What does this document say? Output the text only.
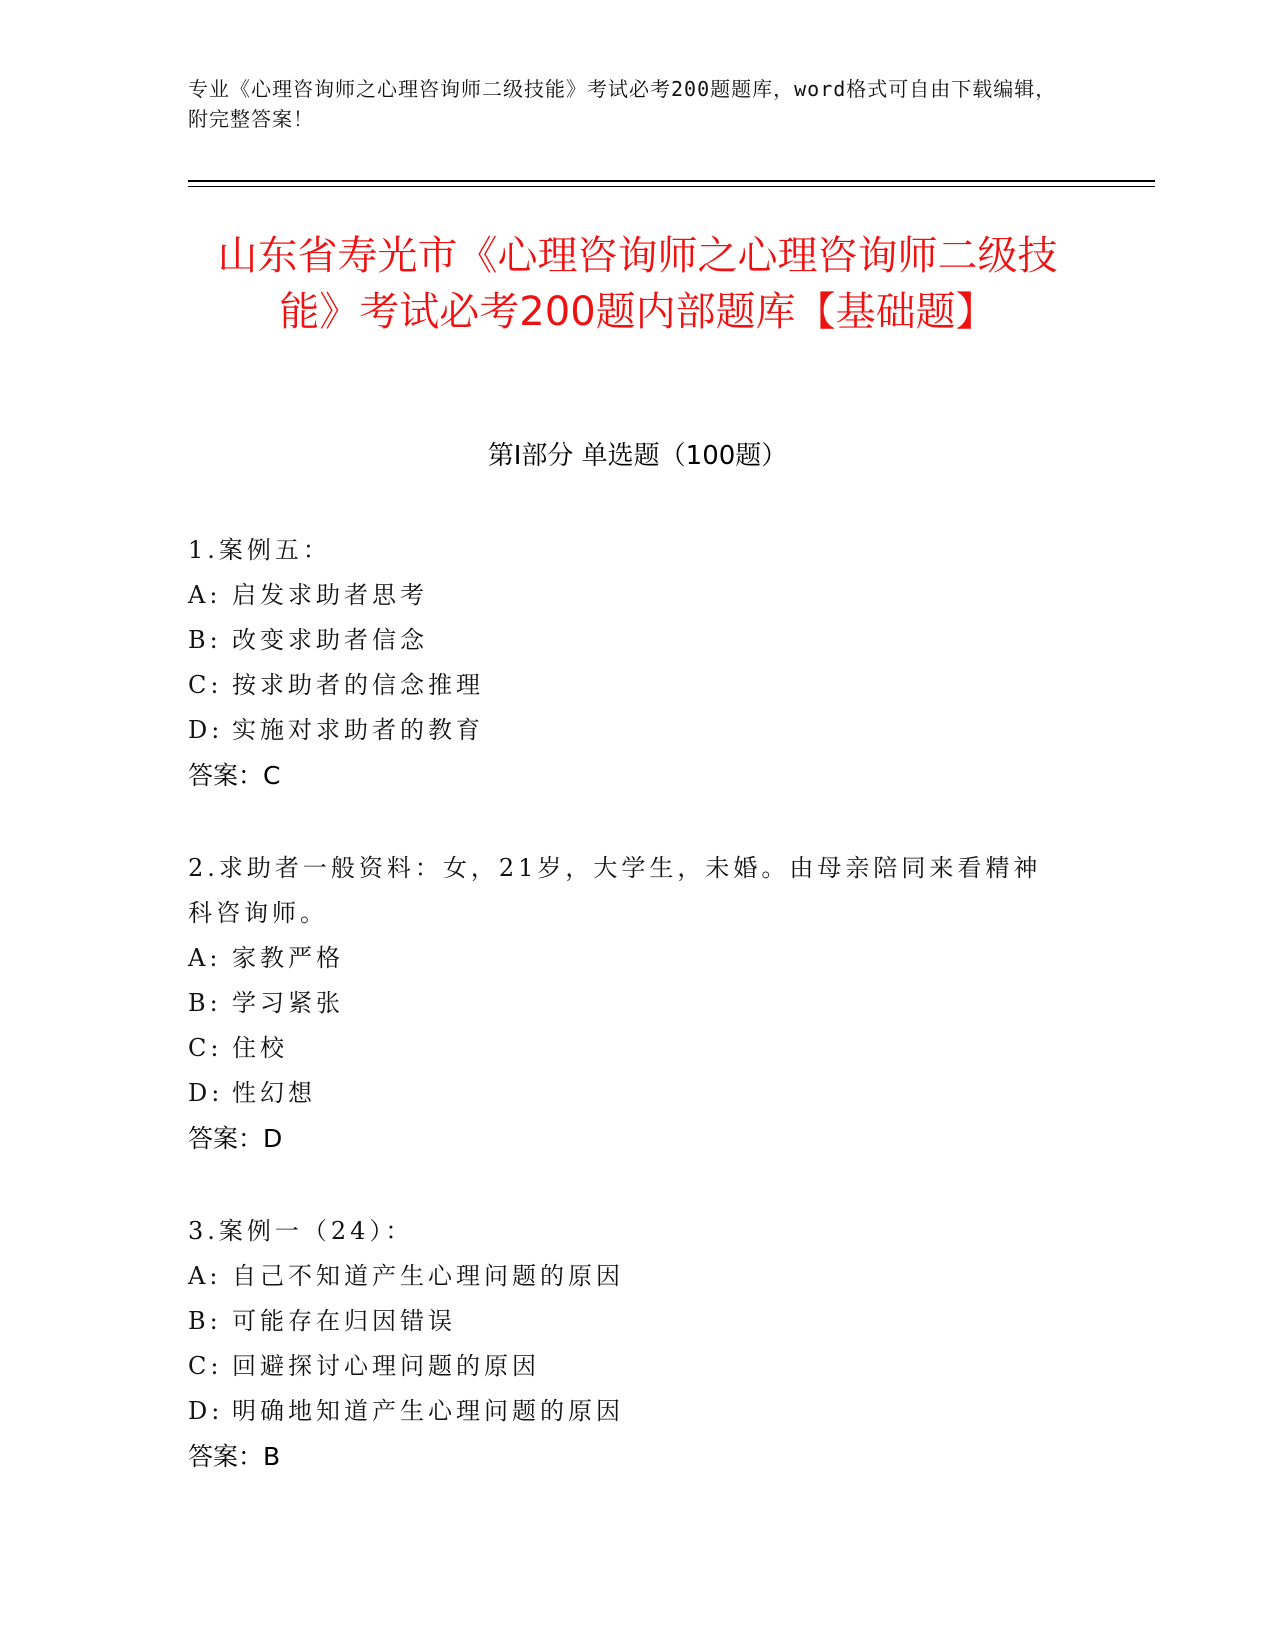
专业《心理咨询师之心理咨询师二级技能》考试必考200题题库，word格式可自由下载编辑，附完整答案！
山东省寿光市《心理咨询师之心理咨询师二级技能》考试必考200题内部题库【基础题】
第I部分 单选题（100题）
1.案例五：
A: 启发求助者思考
B: 改变求助者信念
C: 按求助者的信念推理
D: 实施对求助者的教育
答案：C
2.求助者一般资料：女，21岁，大学生，未婚。由母亲陪同来看精神科咨询师。
A: 家教严格
B: 学习紧张
C: 住校
D: 性幻想
答案：D
3.案例一（24）：
A: 自己不知道产生心理问题的原因
B: 可能存在归因错误
C: 回避探讨心理问题的原因
D: 明确地知道产生心理问题的原因
答案：B
